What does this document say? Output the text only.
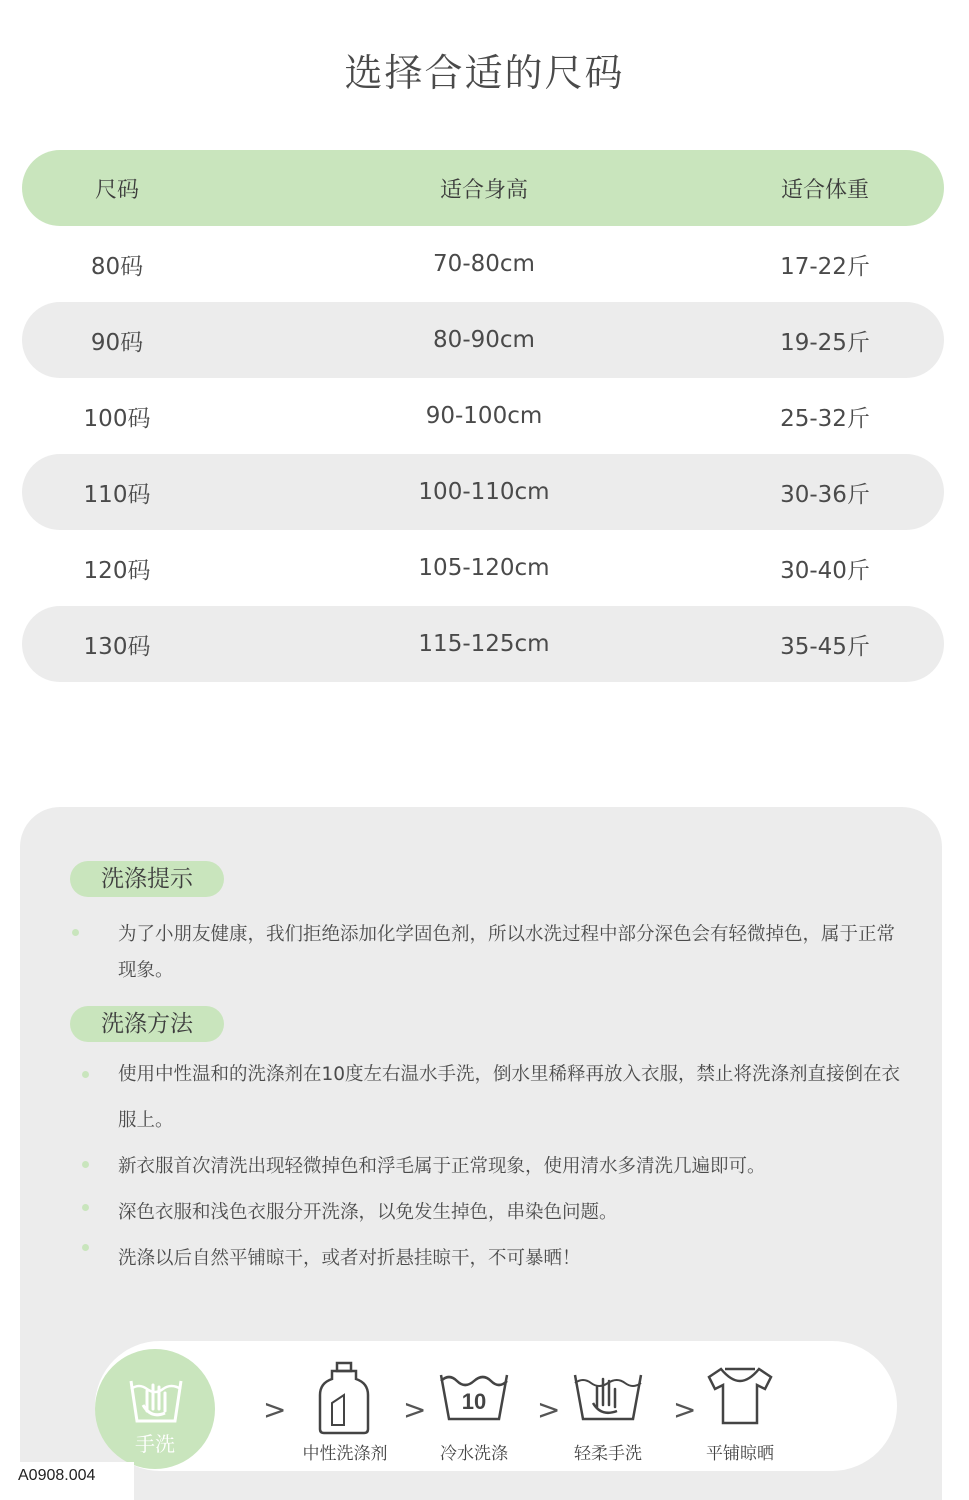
选择合适的尺码
尺码	适合身高	适合体重
80码	70-80cm	17-22斤
90码	80-90cm	19-25斤
100码	90-100cm	25-32斤
110码	100-110cm	30-36斤
120码	105-120cm	30-40斤
130码	115-125cm	35-45斤
洗涤提示
为了小朋友健康，我们拒绝添加化学固色剂，所以水洗过程中部分深色会有轻微掉色，属于正常现象。
洗涤方法
使用中性温和的洗涤剂在10度左右温水手洗，倒水里稀释再放入衣服，禁止将洗涤剂直接倒在衣服上。
新衣服首次清洗出现轻微掉色和浮毛属于正常现象，使用清水多清洗几遍即可。
深色衣服和浅色衣服分开洗涤，以免发生掉色，串染色问题。
洗涤以后自然平铺晾干，或者对折悬挂晾干，不可暴晒！
手洗
>
中性洗涤剂
> 10
冷水洗涤
>
轻柔手洗
>
平铺晾晒
A0908.004
